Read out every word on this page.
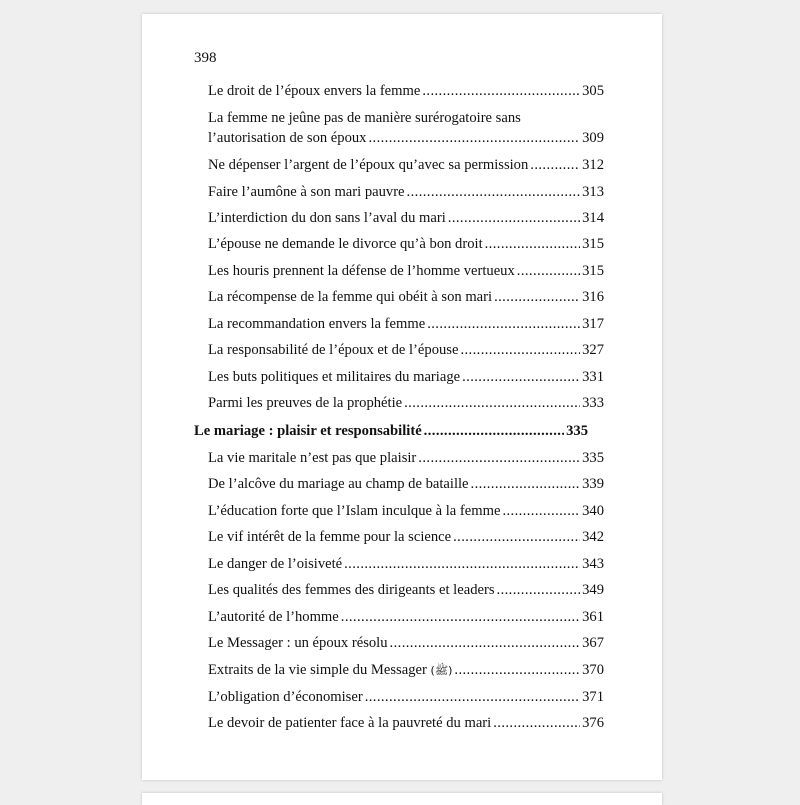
398
Le droit de l’époux envers la femme .....	305
La femme ne jeûne pas de manière surérogatoire sans
l’autorisation de son époux .....	309
Ne dépenser l’argent de l’époux qu’avec sa permission .....	312
Faire l’aumône à son mari pauvre .....	313
L’interdiction du don sans l’aval du mari .....	314
L’épouse ne demande le divorce qu’à bon droit .....	315
Les houris prennent la défense de l’homme vertueux .....	315
La récompense de la femme qui obéit à son mari .....	316
La recommandation envers la femme .....	317
La responsabilité de l’époux et de l’épouse .....	327
Les buts politiques et militaires du mariage .....	331
Parmi les preuves de la prophétie .....	333
Le mariage : plaisir et responsabilité .....	335
La vie maritale n’est pas que plaisir .....	335
De l’alcôve du mariage au champ de bataille .....	339
L’éducation forte que l’Islam inculque à la femme .....	340
Le vif intérêt de la femme pour la science .....	342
Le danger de l’oisiveté .....	343
Les qualités des femmes des dirigeants et leaders .....	349
L’autorité de l’homme .....	361
Le Messager : un époux résolu .....	367
Extraits de la vie simple du Messager
(ﷺ) .....	370
L’obligation d’économiser .....	371
Le devoir de patienter face à la pauvreté du mari .....	376
